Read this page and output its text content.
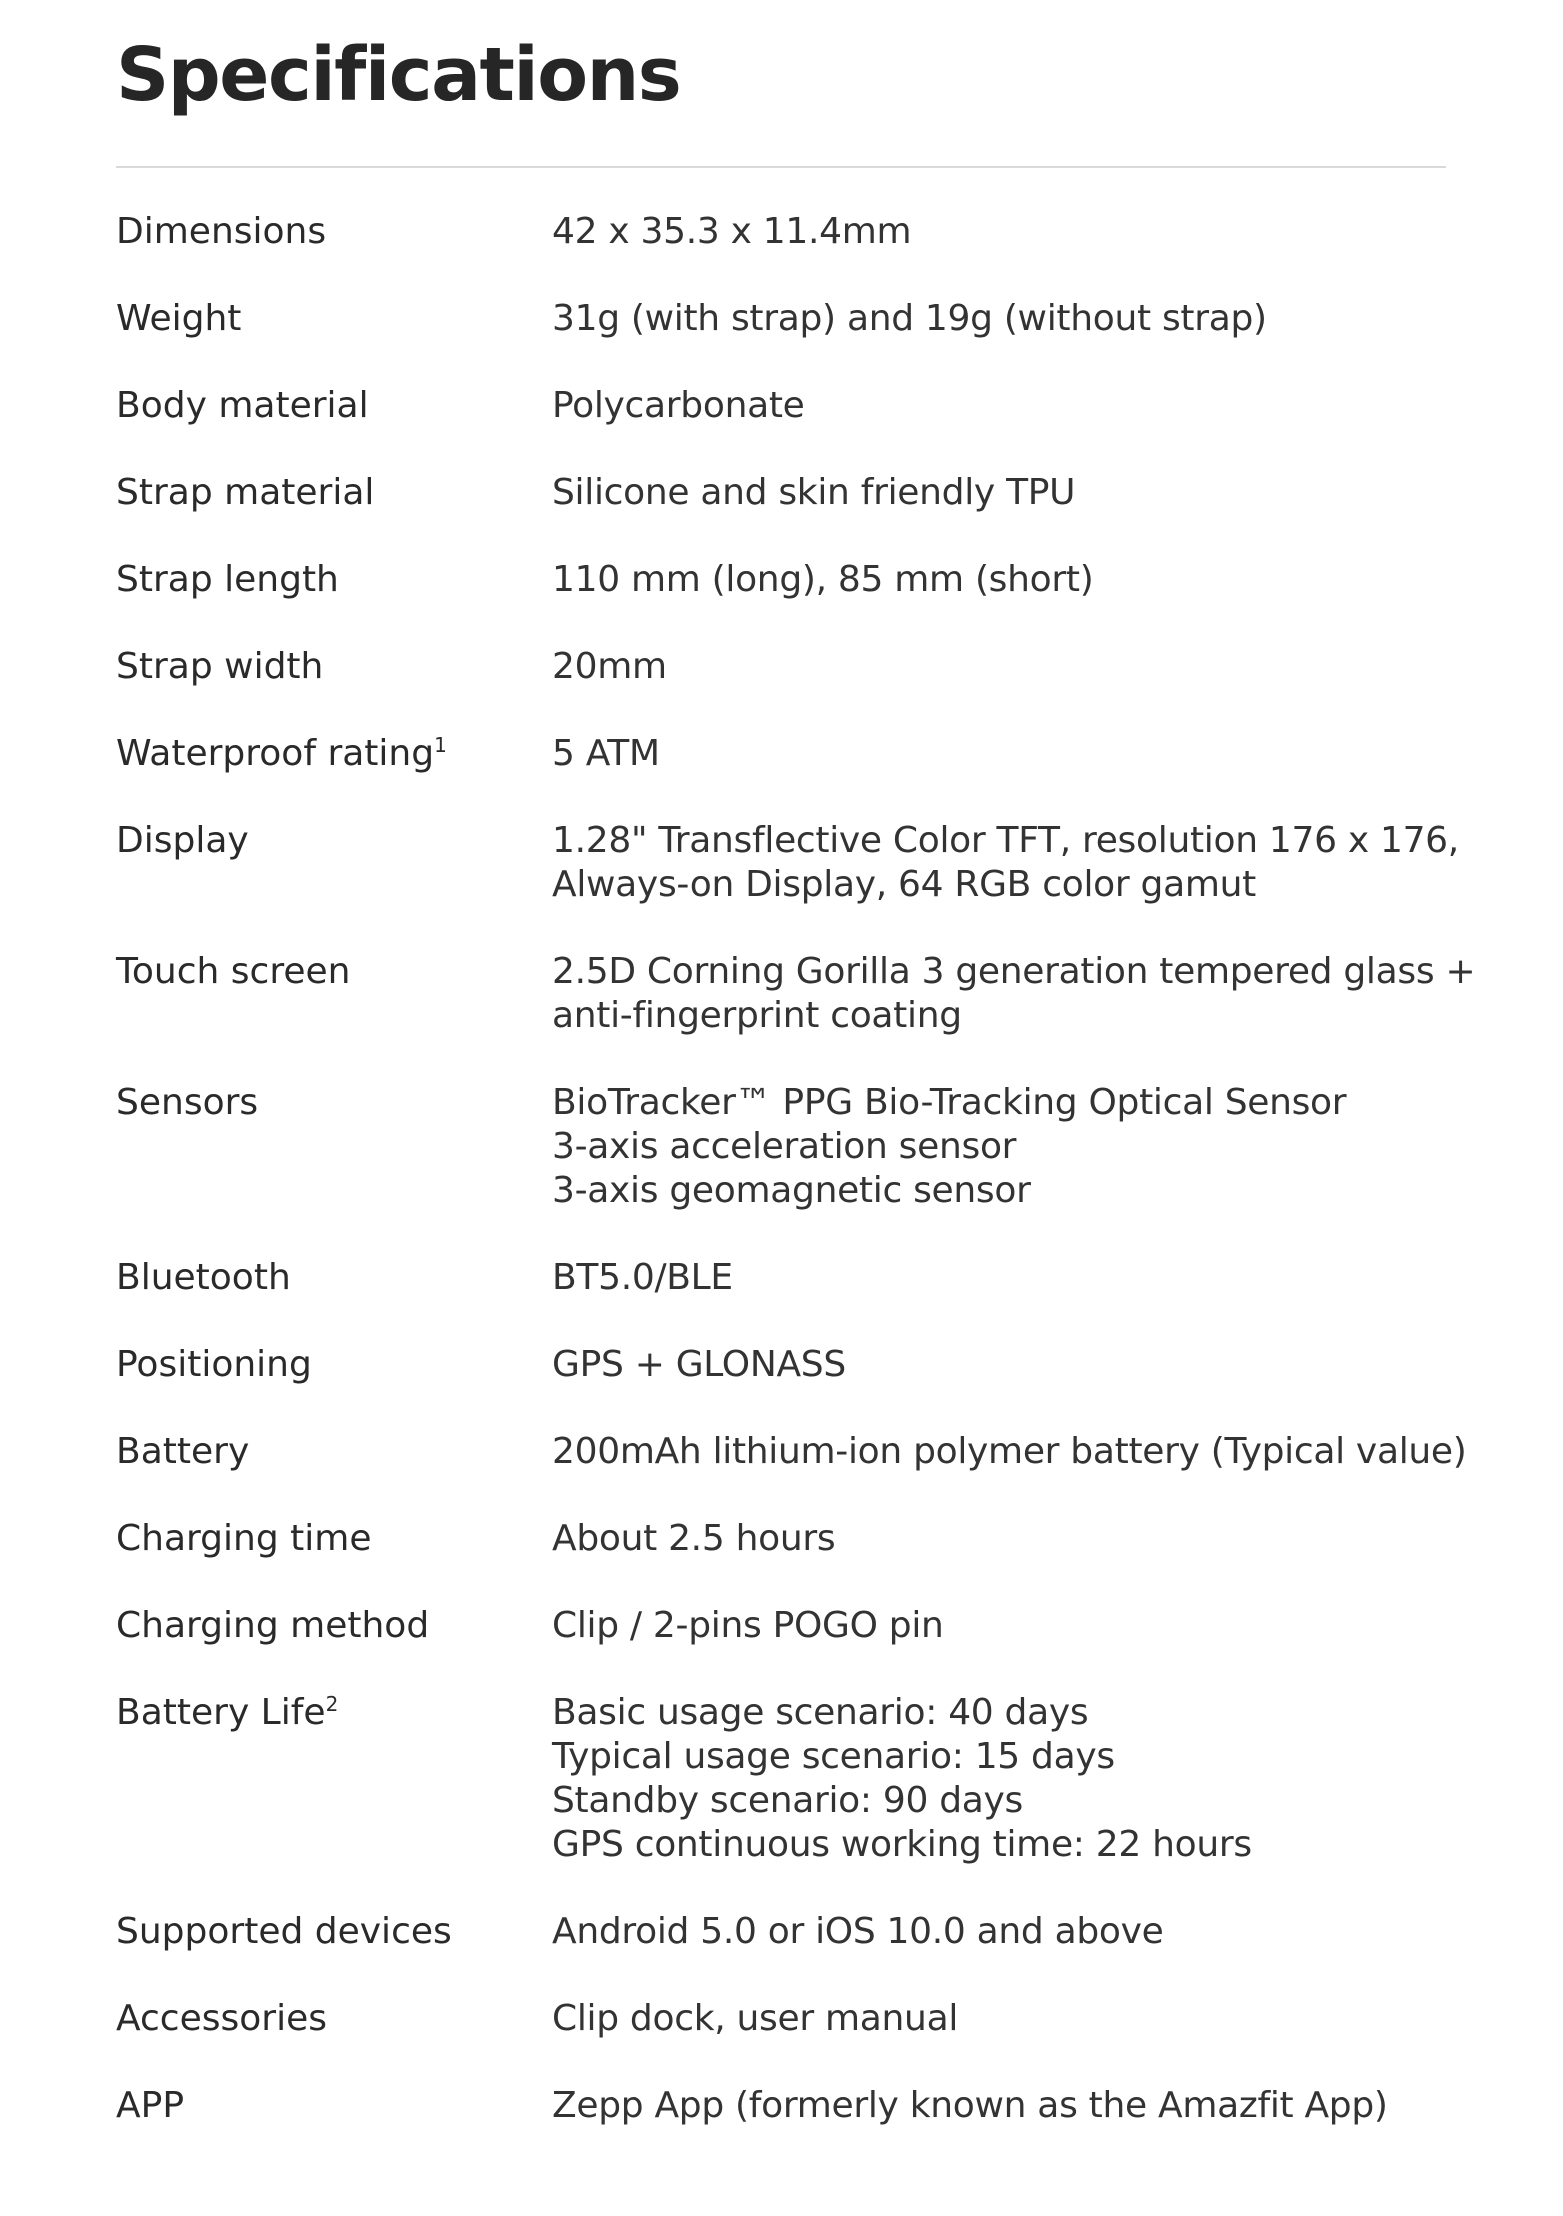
Specifications
Dimensions	42 x 35.3 x 11.4mm
Weight	31g (with strap) and 19g (without strap)
Body material	Polycarbonate
Strap material	Silicone and skin friendly TPU
Strap length	110 mm (long), 85 mm (short)
Strap width	20mm
Waterproof rating$^1$	5 ATM
Display	1.28" Transflective Color TFT, resolution 176 x 176,
Always-on Display, 64 RGB color gamut
Touch screen	2.5D Corning Gorilla 3 generation tempered glass +
anti-fingerprint coating
Sensors	BioTracker™ PPG Bio-Tracking Optical Sensor
3-axis acceleration sensor
3-axis geomagnetic sensor
Bluetooth	BT5.0/BLE
Positioning	GPS + GLONASS
Battery	200mAh lithium-ion polymer battery (Typical value)
Charging time	About 2.5 hours
Charging method	Clip / 2-pins POGO pin
Battery Life$^2$	Basic usage scenario: 40 days
Typical usage scenario: 15 days
Standby scenario: 90 days
GPS continuous working time: 22 hours
Supported devices	Android 5.0 or iOS 10.0 and above
Accessories	Clip dock, user manual
APP	Zepp App (formerly known as the Amazfit App)
